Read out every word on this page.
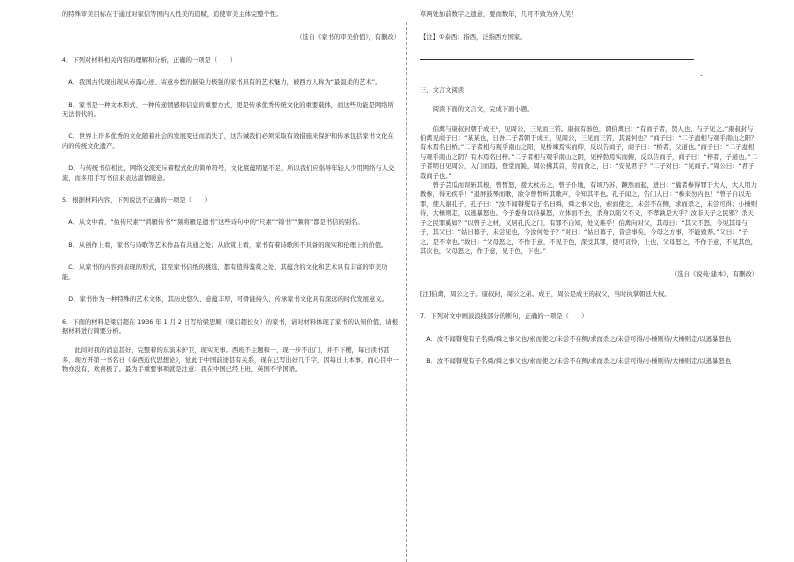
的特殊审美目标在于通过对家信等国内人性美的追赋，追使审美主体完整个性。

（选自《家书的审美价值》，有删改）

4．下列对材料相关内容的理解和分析，正确的一项是（　　）

A．我国古代现出现从赤露心迹、寄意乡愁的据染力极强的家书具有的艺术魅力，被西方人称为“最温柔的艺术”。

B．家书是一种文本形式、一种传递情感和信息的重要方式，更是传承优秀传统文化的重要载体，而这些功能是网络所无法替代的。

C．世界上许多优秀的文化随着社会的发展变迁而消失了，这告诫我们必须采取有效措施来保护和传承包括家书文化在内的传统文化遗产。

D．与传统书信相比，网络交流充斥着程式化的简单符号，文化底蕴明显不足，所以我们应倡导年轻人少用网络与人交流，而多用手写书信来表达温情暖意。

5．根据材料内容，下列说法不正确的一项是（　　）

A．从文中看，“鱼传尺素”“鸿雁传书”“频将雁足遗书”这些诗句中的“尺素”“锦书”“频将”都是书信的别名。

B．从创作上看，家书与诗歌等艺术作品有共通之处；从欣赏上看，家书有着诗歌所不具备的现实和伦理上的价值。

C．从家书的内容到表现的形式，甚至家书信纸的挑选，都有值得鉴赏之处，其蕴含的文化和艺术具有丰富的审美功能。

D．家书作为一种特殊的艺术文体，其历史悠久、意蕴丰厚，可骨能持久，传承家书文化具有深远的时代发展意义。

6．下面的材料是梁启超在 1936 年 1 月 2 日写给梁思顺（梁启超长女）的家书，请对材料体现了家书的认知价值，请根据材料进行简要分析。

此间对我的消息甚好，完整着的东演未护卫，现实无事。西班不主题和一，现一步不出门，并不下樱，每日读书甚多，现方开第一书名日《泰西近代思想论》，觉此于中国前途甚有关系，现在已写出好几千字，因每日上本事，而心目中一物亦没有，欢喜极了。最为手重要事项就是注意：我在中国已经上班，英国不学国语。

草两处加前数字之遗意，要而数年，几可不致为外人笑！

【注】①泰西：指西，泛指西方国家。

–

三、文言文阅读

阅读下面的文言文，完成下面小题。

伯禽与康叔封朝于成王¹，见周公，三见而三笞。康叔有骇色，谓伯禽曰：“有商子者，贤人也，与子见之。”康叔封与伯禽见商子曰：“某某也，日吾二子者朝于成王，见周公，三见而三笞，其说何也？”商子曰：“二子盍相与观乎南山之阳？有木焉名曰桥。”二子者相与观乎南山之阳，见桥竦焉实而仰，反以告商子，商子曰：“桥者，父道也。”商子曰：“二子盍相与观乎南山之阴？有木焉名曰梓。”二子者相与观乎南山之阴，见梓勃焉实而俯，反以告商子，商子曰：“梓者，子道也。”二子者明日见周公，入门而趋，登堂而跪，周公拂其首，劳而食之，曰：“安见君子？”二子对曰：“见商子。”周公曰：“君子哉商子也。”

曾子芸瓜而误斩其根，曾皙怒，援大杖击之，曾子仆地，有顷乃苏，蹶然而起，进曰：“曩者参得罪于大人，大人用力教参，得无疾乎！”退屏鼓琴而歌，欲令曾皙听其歌声，令知其平也。孔子闻之，告门人曰：“参来勿内也！”曾子自以无罪，使人谢孔子，孔子曰：“汝不闻瞽叟有子名曰舜，舜之事父也，索而使之，未尝不在侧，求而杀之，未尝可得；小棰则待，大棰则走，以逃暴怒也。今子委身以待暴怒，立体而不去，杀身以陷父不义，不孝孰是大乎？汝非天子之民邪？杀天子之民罪奚如？”以曾子之材，又居孔氏之门，有罪不自知，处义难乎！伯禽向对父，其母曰：“其父不怒，今见其母与子，其父曰：“姑日暮子，未尝见也，今汝何处子？”对曰：“姑日暮子，昔尝事矣，今母之方事，不能致养。”父曰：“子之，是不幸也。”故曰：“父母怒之，不作于意，不见于色，深受其罪，使可哀怜，上也，父母怒之，不作于意，不见其色，其次也，父母怒之，作于意，见于色，下也。”

（选自《说苑·建本》，有删改）

[注]伯禽，周公之子。康叔封，周公之弟。成王，周公是成王的叔父，当时执掌朝廷大权。

7．下列对文中画波浪线部分的断句，正确的一项是（　　）

A．汝不闻瞽叟有子名舜/舜之事父也/索而使之/未尝不在侧/求而杀之/未尝可得/小棰则待/大棰则走/以逃暴怒也

B．汝不闻瞽叟有子名舜/舜之事父也/索而使之/未尝不在侧/求而杀之/未尝可得/小棰则待/大棰则走/以逃暴怒也
